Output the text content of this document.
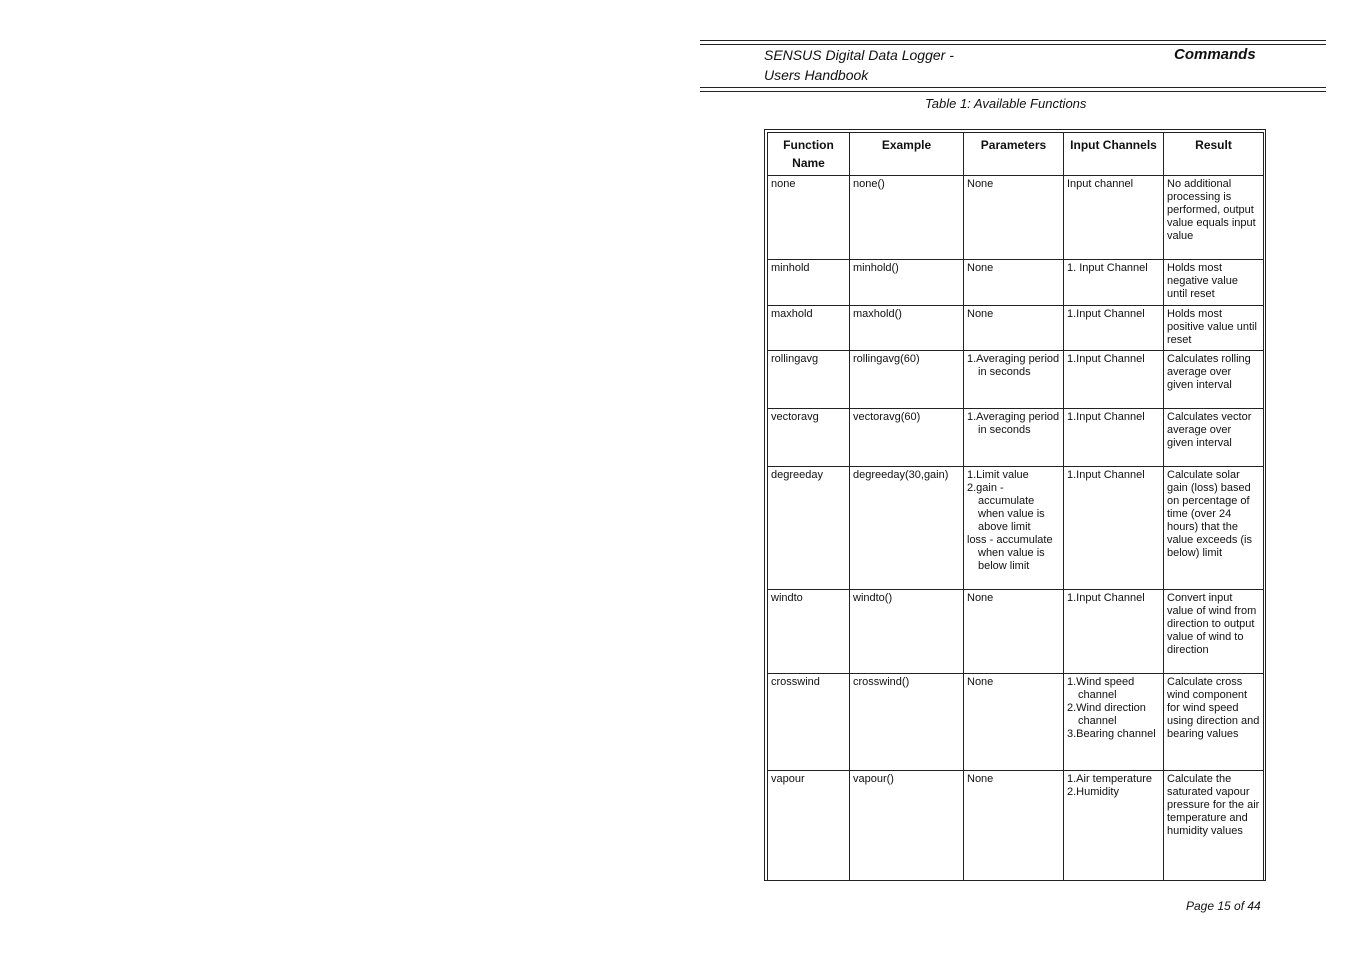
SENSUS Digital Data Logger -
Users Handbook
Commands
Table 1: Available Functions
Function Name	Example	Parameters	Input Channels	Result
none	none()	None	Input channel	No additional processing is performed, output value equals input value

minhold	minhold()	None	1. Input Channel	Holds most negative value until reset

maxhold	maxhold()	None	1.Input Channel	Holds most positive value until reset

rollingavg	rollingavg(60)	1.Averaging period in seconds	1.Input Channel	Calculates rolling average over given interval

vectoravg	vectoravg(60)	1.Averaging period in seconds	1.Input Channel	Calculates vector average over given interval

degreeday	degreeday(30,gain)	1.Limit value
2.gain - accumulate when value is above limit
loss - accumulate when value is below limit	1.Input Channel	Calculate solar gain (loss) based on percentage of time (over 24 hours) that the value exceeds (is below) limit

windto	windto()	None	1.Input Channel	Convert input value of wind from direction to output value of wind to direction

crosswind	crosswind()	None	1.Wind speed channel
2.Wind direction channel
3.Bearing channel	Calculate cross wind component for wind speed using direction and bearing values

vapour	vapour()	None	1.Air temperature
2.Humidity	Calculate the saturated vapour pressure for the air temperature and humidity values
Page 15 of 44
